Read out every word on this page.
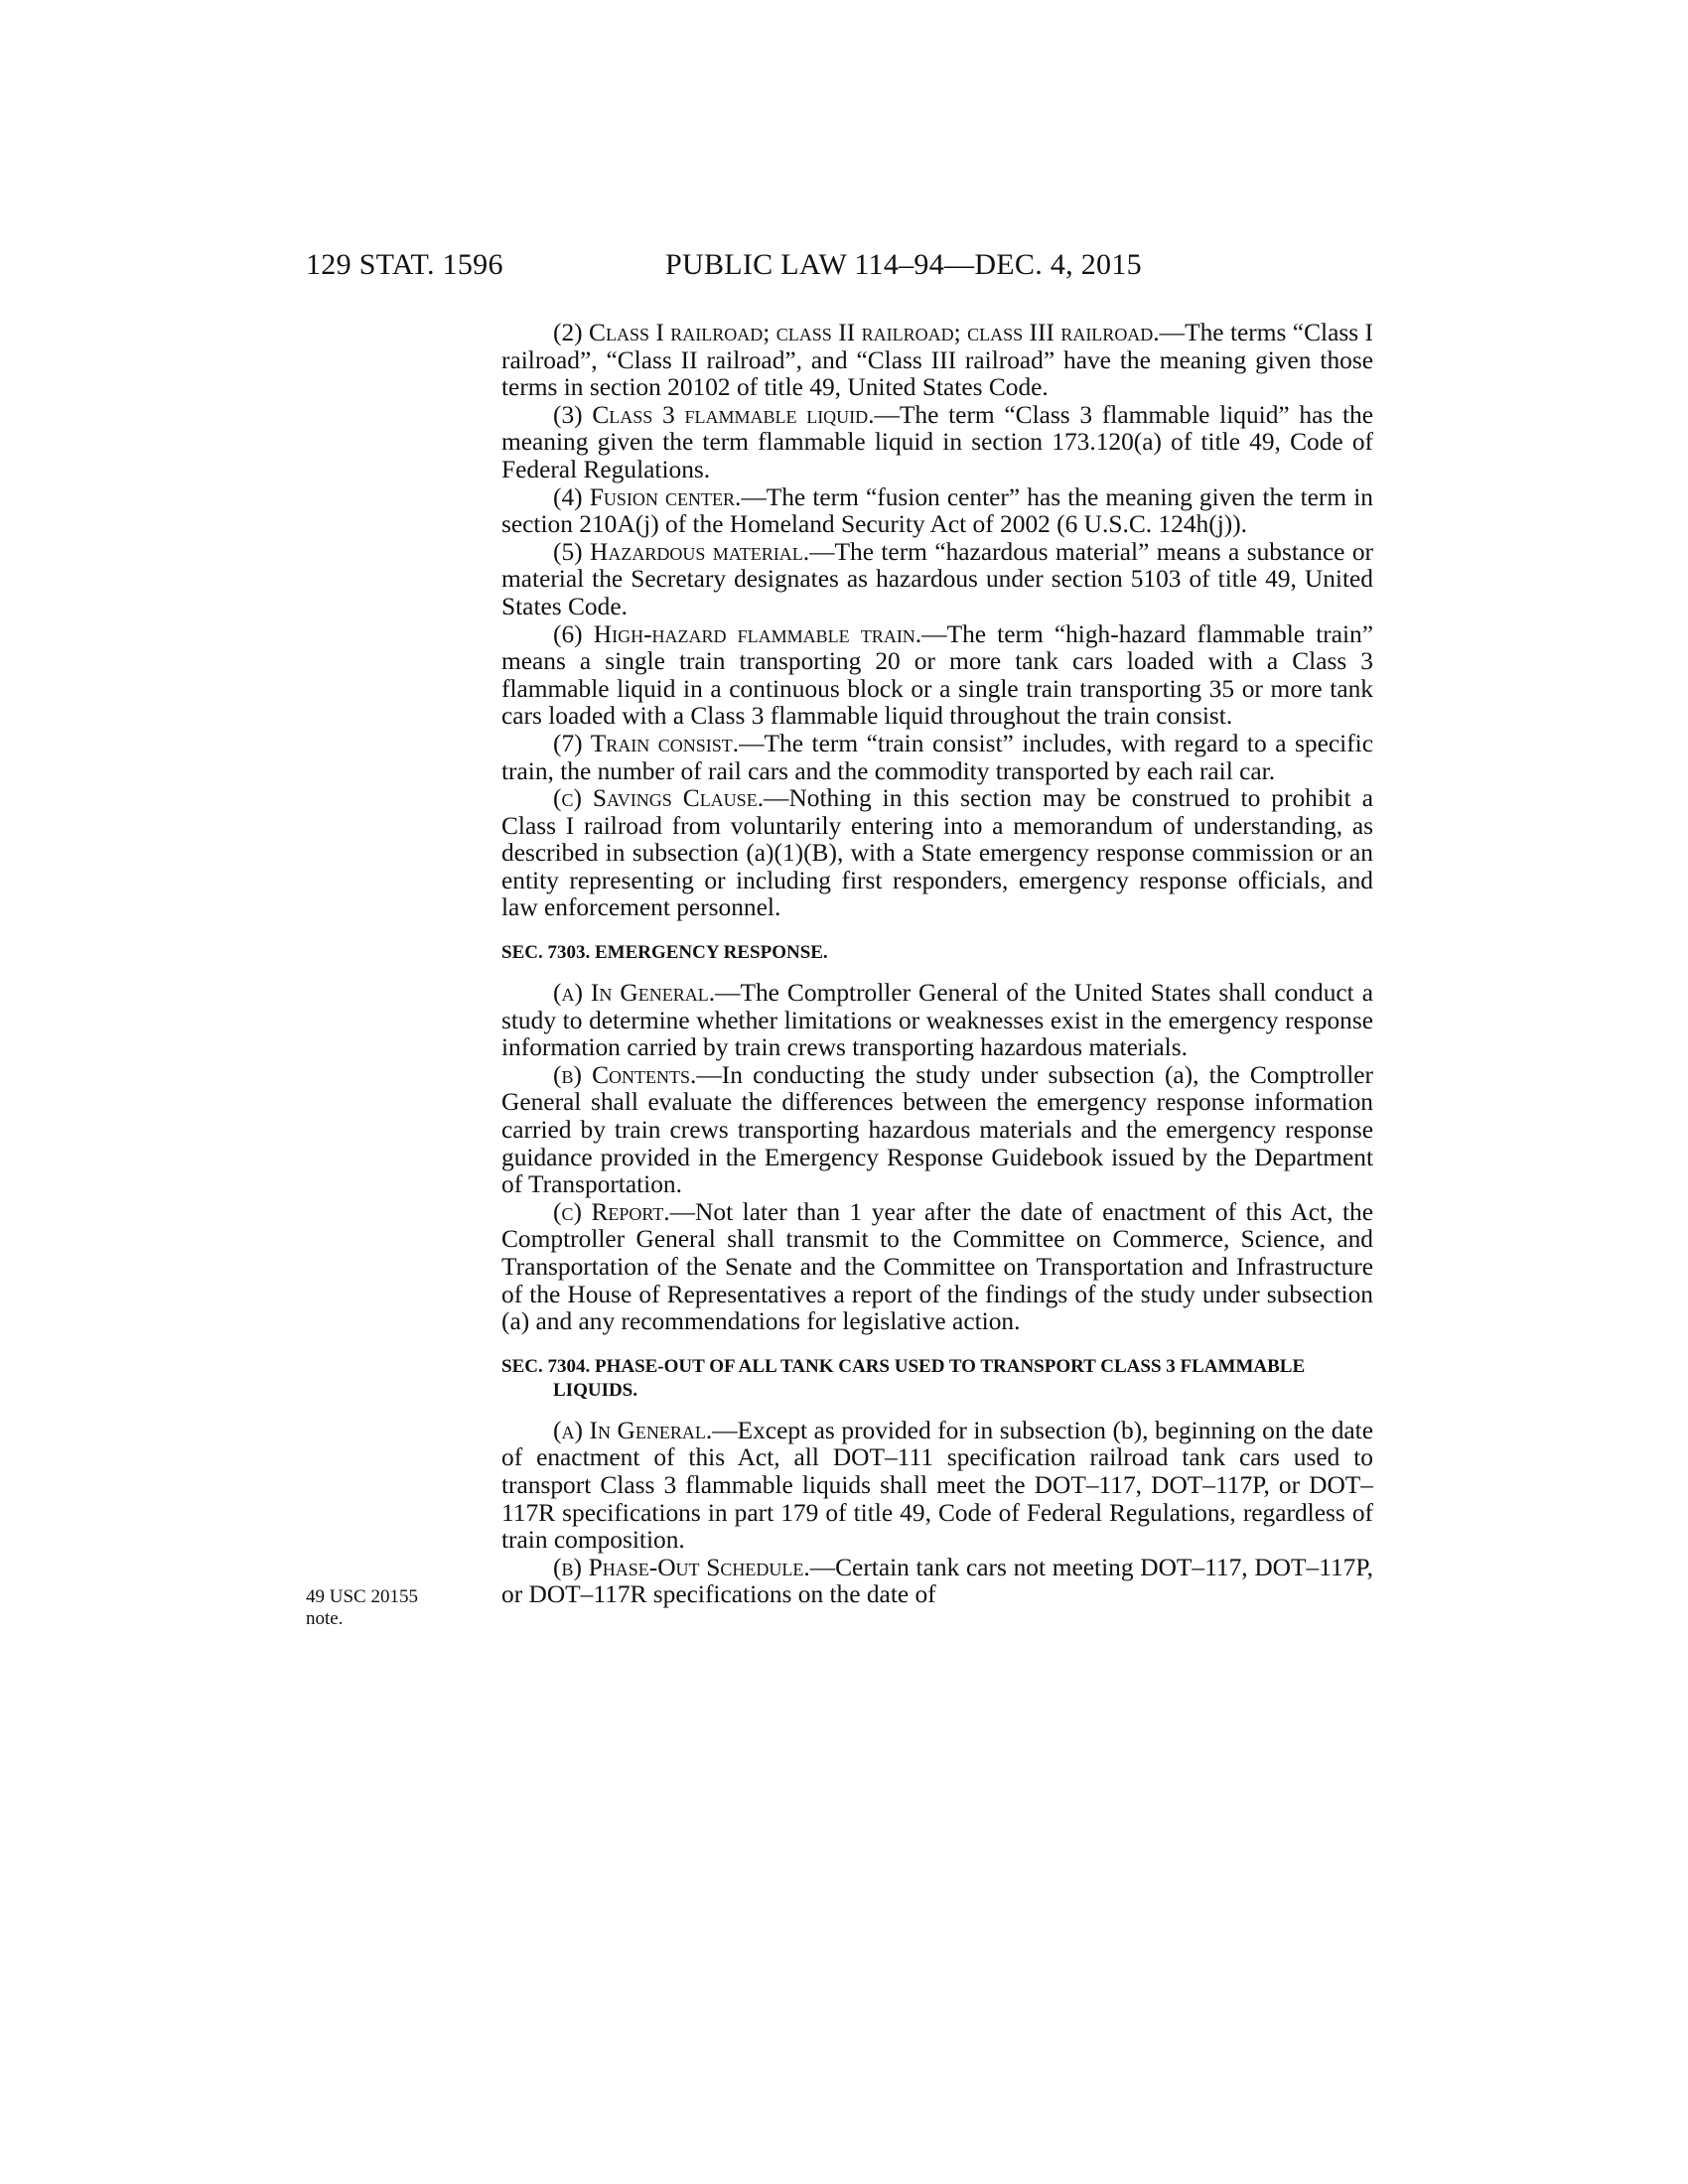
129 STAT. 1596	PUBLIC LAW 114–94—DEC. 4, 2015
49 USC 20155
note.

(2) Class I railroad; class II railroad; class III railroad.—The terms “Class I railroad”, “Class II railroad”, and “Class III railroad” have the meaning given those terms in section 20102 of title 49, United States Code.

(3) Class 3 flammable liquid.—The term “Class 3 flammable liquid” has the meaning given the term flammable liquid in section 173.120(a) of title 49, Code of Federal Regulations.

(4) Fusion center.—The term “fusion center” has the meaning given the term in section 210A(j) of the Homeland Security Act of 2002 (6 U.S.C. 124h(j)).

(5) Hazardous material.—The term “hazardous material” means a substance or material the Secretary designates as hazardous under section 5103 of title 49, United States Code.

(6) High-hazard flammable train.—The term “high-hazard flammable train” means a single train transporting 20 or more tank cars loaded with a Class 3 flammable liquid in a continuous block or a single train transporting 35 or more tank cars loaded with a Class 3 flammable liquid throughout the train consist.

(7) Train consist.—The term “train consist” includes, with regard to a specific train, the number of rail cars and the commodity transported by each rail car.

(c) Savings Clause.—Nothing in this section may be construed to prohibit a Class I railroad from voluntarily entering into a memorandum of understanding, as described in subsection (a)(1)(B), with a State emergency response commission or an entity representing or including first responders, emergency response officials, and law enforcement personnel.

SEC. 7303. EMERGENCY RESPONSE.

(a) In General.—The Comptroller General of the United States shall conduct a study to determine whether limitations or weaknesses exist in the emergency response information carried by train crews transporting hazardous materials.

(b) Contents.—In conducting the study under subsection (a), the Comptroller General shall evaluate the differences between the emergency response information carried by train crews transporting hazardous materials and the emergency response guidance provided in the Emergency Response Guidebook issued by the Department of Transportation.

(c) Report.—Not later than 1 year after the date of enactment of this Act, the Comptroller General shall transmit to the Committee on Commerce, Science, and Transportation of the Senate and the Committee on Transportation and Infrastructure of the House of Representatives a report of the findings of the study under subsection (a) and any recommendations for legislative action.

SEC. 7304. PHASE-OUT OF ALL TANK CARS USED TO TRANSPORT CLASS 3 FLAMMABLE LIQUIDS.

(a) In General.—Except as provided for in subsection (b), beginning on the date of enactment of this Act, all DOT–111 specification railroad tank cars used to transport Class 3 flammable liquids shall meet the DOT–117, DOT–117P, or DOT–117R specifications in part 179 of title 49, Code of Federal Regulations, regardless of train composition.

(b) Phase-Out Schedule.—Certain tank cars not meeting DOT–117, DOT–117P, or DOT–117R specifications on the date of
